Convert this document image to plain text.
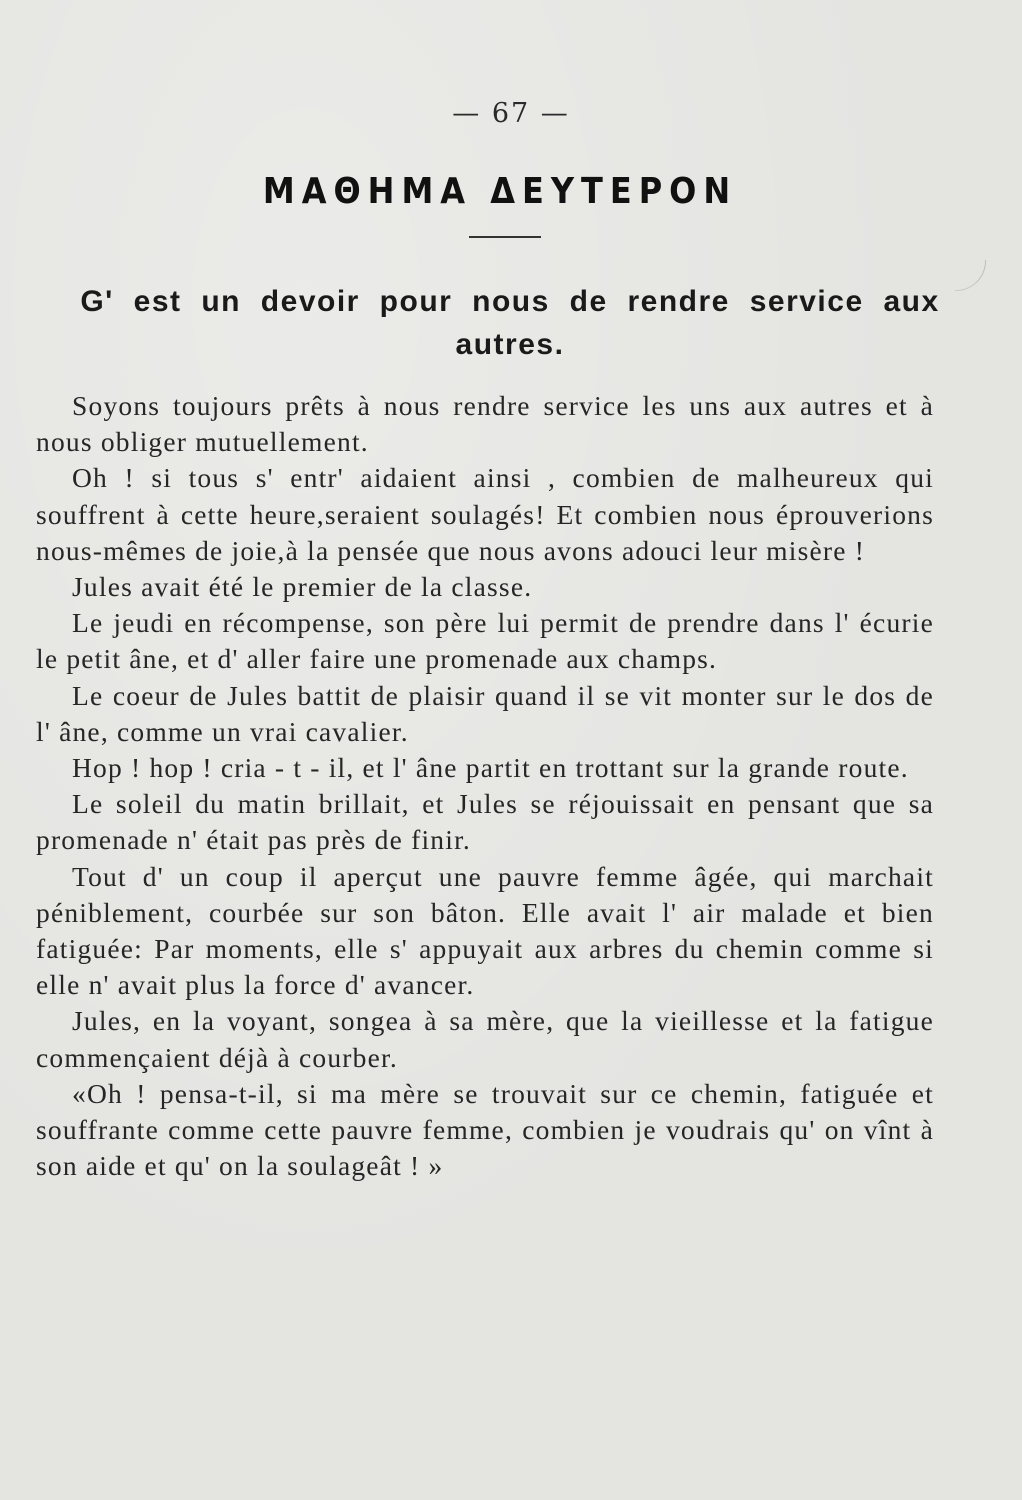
— 67 —
ΜΑΘΗΜΑ ΔΕΥΤΕΡΟΝ
G' est un devoir pour nous de rendre service aux autres.

Soyons toujours prêts à nous rendre service les uns aux autres et à nous obliger mutuellement.

Oh ! si tous s' entr' aidaient ainsi , combien de malheureux qui souffrent à cette heure,seraient soulagés! Et combien nous éprouverions nous-mêmes de joie,à la pensée que nous avons adouci leur misère !

Jules avait été le premier de la classe.

Le jeudi en récompense, son père lui permit de prendre dans l' écurie le petit âne, et d' aller faire une promenade aux champs.

Le coeur de Jules battit de plaisir quand il se vit monter sur le dos de l' âne, comme un vrai cavalier.

Hop ! hop ! cria - t - il, et l' âne partit en trottant sur la grande route.

Le soleil du matin brillait, et Jules se réjouissait en pensant que sa promenade n' était pas près de finir.

Tout d' un coup il aperçut une pauvre femme âgée, qui marchait péniblement, courbée sur son bâton. Elle avait l' air malade et bien fatiguée: Par moments, elle s' appuyait aux arbres du chemin comme si elle n' avait plus la force d' avancer.

Jules, en la voyant, songea à sa mère, que la vieillesse et la fatigue commençaient déjà à courber.

«Oh ! pensa-t-il, si ma mère se trouvait sur ce chemin, fatiguée et souffrante comme cette pauvre femme, combien je voudrais qu' on vînt à son aide et qu' on la soulageât ! »
